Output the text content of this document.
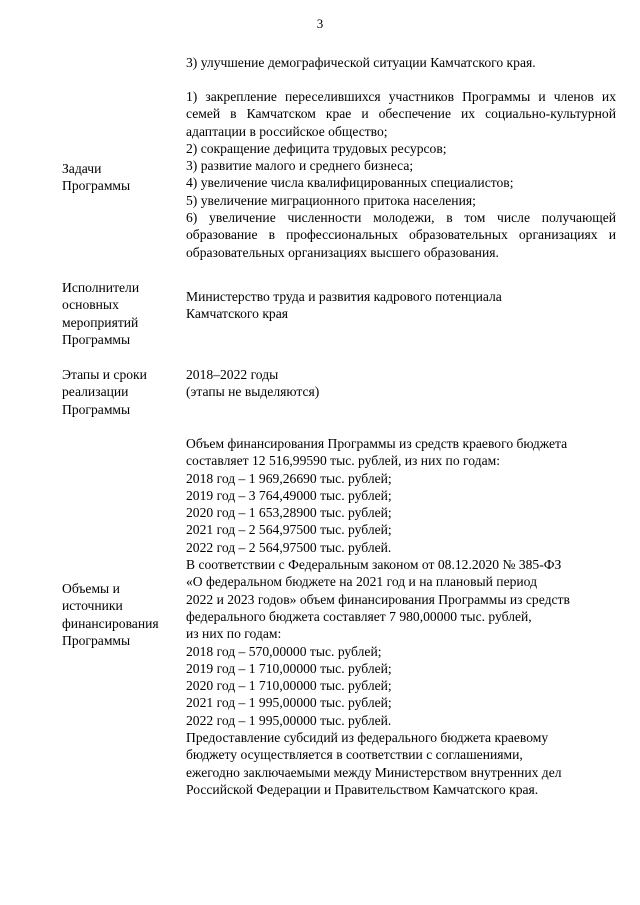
3
3) улучшение демографической ситуации Камчатского края.
Задачи
Программы
1) закрепление переселившихся участников Программы и членов их семей в Камчатском крае и обеспечение их социально-культурной адаптации в российское общество;
2) сокращение дефицита трудовых ресурсов;
3) развитие малого и среднего бизнеса;
4) увеличение числа квалифицированных специалистов;
5) увеличение миграционного притока населения;
6) увеличение численности молодежи, в том числе получающей образование в профессиональных образовательных организациях и образовательных организациях высшего образования.
Исполнители
основных
мероприятий
Программы
Министерство труда и развития кадрового потенциала
Камчатского края
Этапы и сроки
реализации
Программы
2018–2022 годы
(этапы не выделяются)
Объемы и
источники
финансирования
Программы
Объем финансирования Программы из средств краевого бюджета
составляет 12 516,99590 тыс. рублей, из них по годам:
2018 год – 1 969,26690 тыс. рублей;
2019 год – 3 764,49000 тыс. рублей;
2020 год – 1 653,28900 тыс. рублей;
2021 год – 2 564,97500 тыс. рублей;
2022 год – 2 564,97500 тыс. рублей.
В соответствии с Федеральным законом от 08.12.2020 № 385-ФЗ
«О федеральном бюджете на 2021 год и на плановый период
2022 и 2023 годов» объем финансирования Программы из средств
федерального бюджета составляет 7 980,00000 тыс. рублей,
из них по годам:
2018 год – 570,00000 тыс. рублей;
2019 год – 1 710,00000 тыс. рублей;
2020 год – 1 710,00000 тыс. рублей;
2021 год – 1 995,00000 тыс. рублей;
2022 год – 1 995,00000 тыс. рублей.
Предоставление субсидий из федерального бюджета краевому
бюджету осуществляется в соответствии с соглашениями,
ежегодно заключаемыми между Министерством внутренних дел
Российской Федерации и Правительством Камчатского края.
